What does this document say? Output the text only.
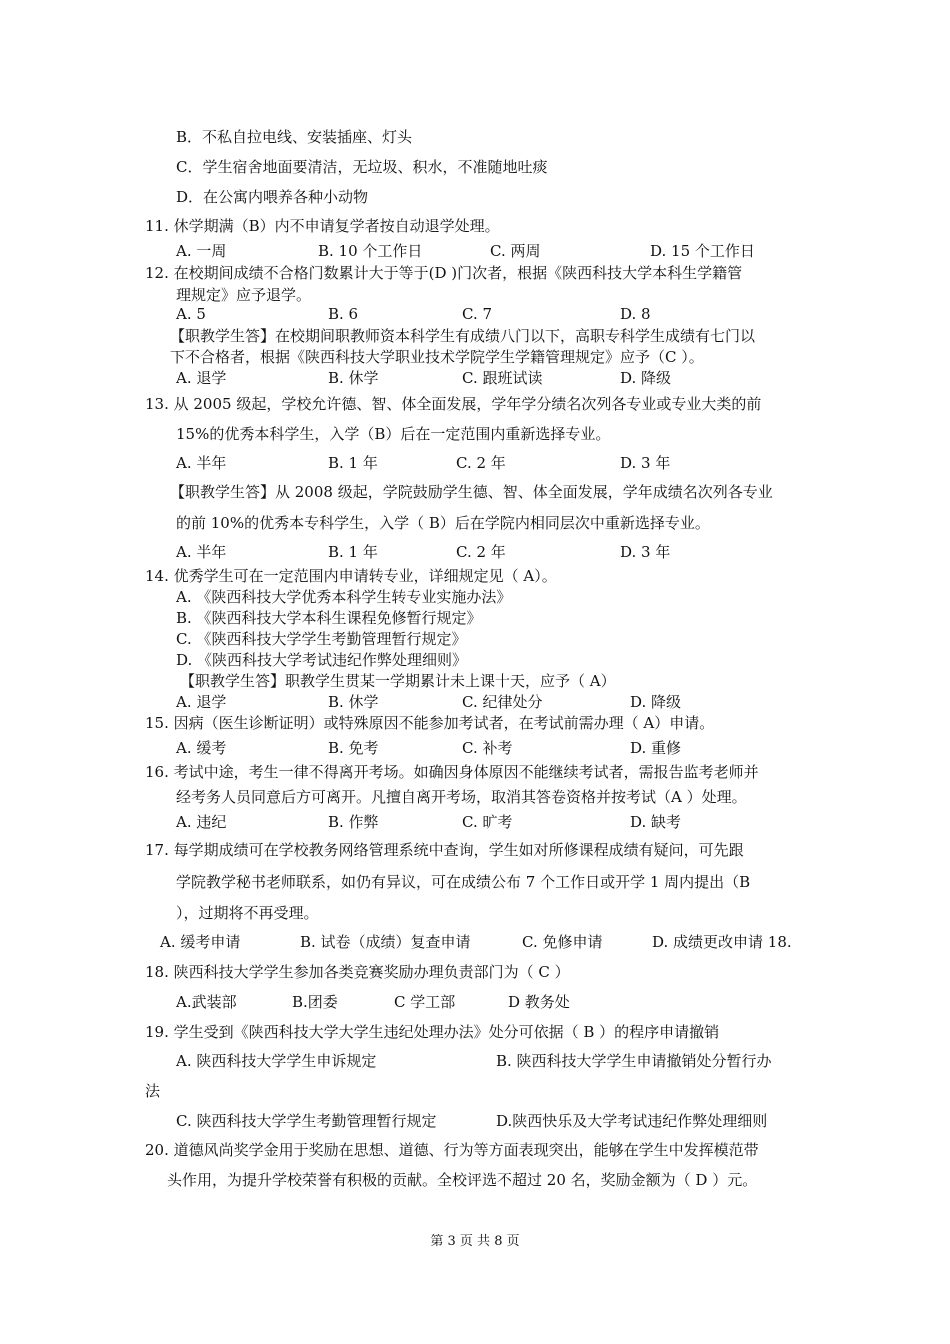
B．不私自拉电线、安装插座、灯头
C．学生宿舍地面要清洁，无垃圾、积水，不准随地吐痰
D．在公寓内喂养各种小动物
11. 休学期满（B）内不申请复学者按自动退学处理。
A. 一周	B. 10 个工作日	C. 两周	D. 15 个工作日
12. 在校期间成绩不合格门数累计大于等于(D )门次者，根据《陕西科技大学本科生学籍管
理规定》应予退学。
A. 5	B. 6	C. 7	D. 8
【职教学生答】在校期间职教师资本科学生有成绩八门以下，高职专科学生成绩有七门以
下不合格者，根据《陕西科技大学职业技术学院学生学籍管理规定》应予（C ）。
A. 退学	B. 休学	C. 跟班试读	D. 降级
13. 从 2005 级起，学校允许德、智、体全面发展，学年学分绩名次列各专业或专业大类的前
15%的优秀本科学生，入学（B）后在一定范围内重新选择专业。
A. 半年	B. 1 年	C. 2 年	D. 3 年
【职教学生答】从 2008 级起，学院鼓励学生德、智、体全面发展，学年成绩名次列各专业
的前 10%的优秀本专科学生，入学（ B）后在学院内相同层次中重新选择专业。
A. 半年	B. 1 年	C. 2 年	D. 3 年
14. 优秀学生可在一定范围内申请转专业，详细规定见（ A）。
A. 《陕西科技大学优秀本科学生转专业实施办法》
B. 《陕西科技大学本科生课程免修暂行规定》
C. 《陕西科技大学学生考勤管理暂行规定》
D. 《陕西科技大学考试违纪作弊处理细则》
【职教学生答】职教学生贯某一学期累计未上课十天，应予（ A）
A. 退学	B. 休学	C. 纪律处分	D. 降级
15. 因病（医生诊断证明）或特殊原因不能参加考试者，在考试前需办理（ A）申请。
A. 缓考	B. 免考	C. 补考	D. 重修
16. 考试中途，考生一律不得离开考场。如确因身体原因不能继续考试者，需报告监考老师并
经考务人员同意后方可离开。凡擅自离开考场，取消其答卷资格并按考试（A ）处理。
A. 违纪	B. 作弊	C. 旷考	D. 缺考
17. 每学期成绩可在学校教务网络管理系统中查询，学生如对所修课程成绩有疑问，可先跟
学院教学秘书老师联系，如仍有异议，可在成绩公布 7 个工作日或开学 1 周内提出（B
），过期将不再受理。
A. 缓考申请	B. 试卷（成绩）复查申请	C. 免修申请	D. 成绩更改申请 18.
18. 陕西科技大学学生参加各类竞赛奖励办理负责部门为（ C ）
A.武装部	B.团委	C 学工部	D 教务处
19. 学生受到《陕西科技大学大学生违纪处理办法》处分可依据（ B ）的程序申请撤销
A. 陕西科技大学学生申诉规定	B. 陕西科技大学学生申请撤销处分暂行办
法
C. 陕西科技大学学生考勤管理暂行规定	D.陕西快乐及大学考试违纪作弊处理细则
20. 道德风尚奖学金用于奖励在思想、道德、行为等方面表现突出，能够在学生中发挥模范带
头作用，为提升学校荣誉有积极的贡献。全校评选不超过 20 名，奖励金额为（ D ）元。
第 3 页 共 8 页
